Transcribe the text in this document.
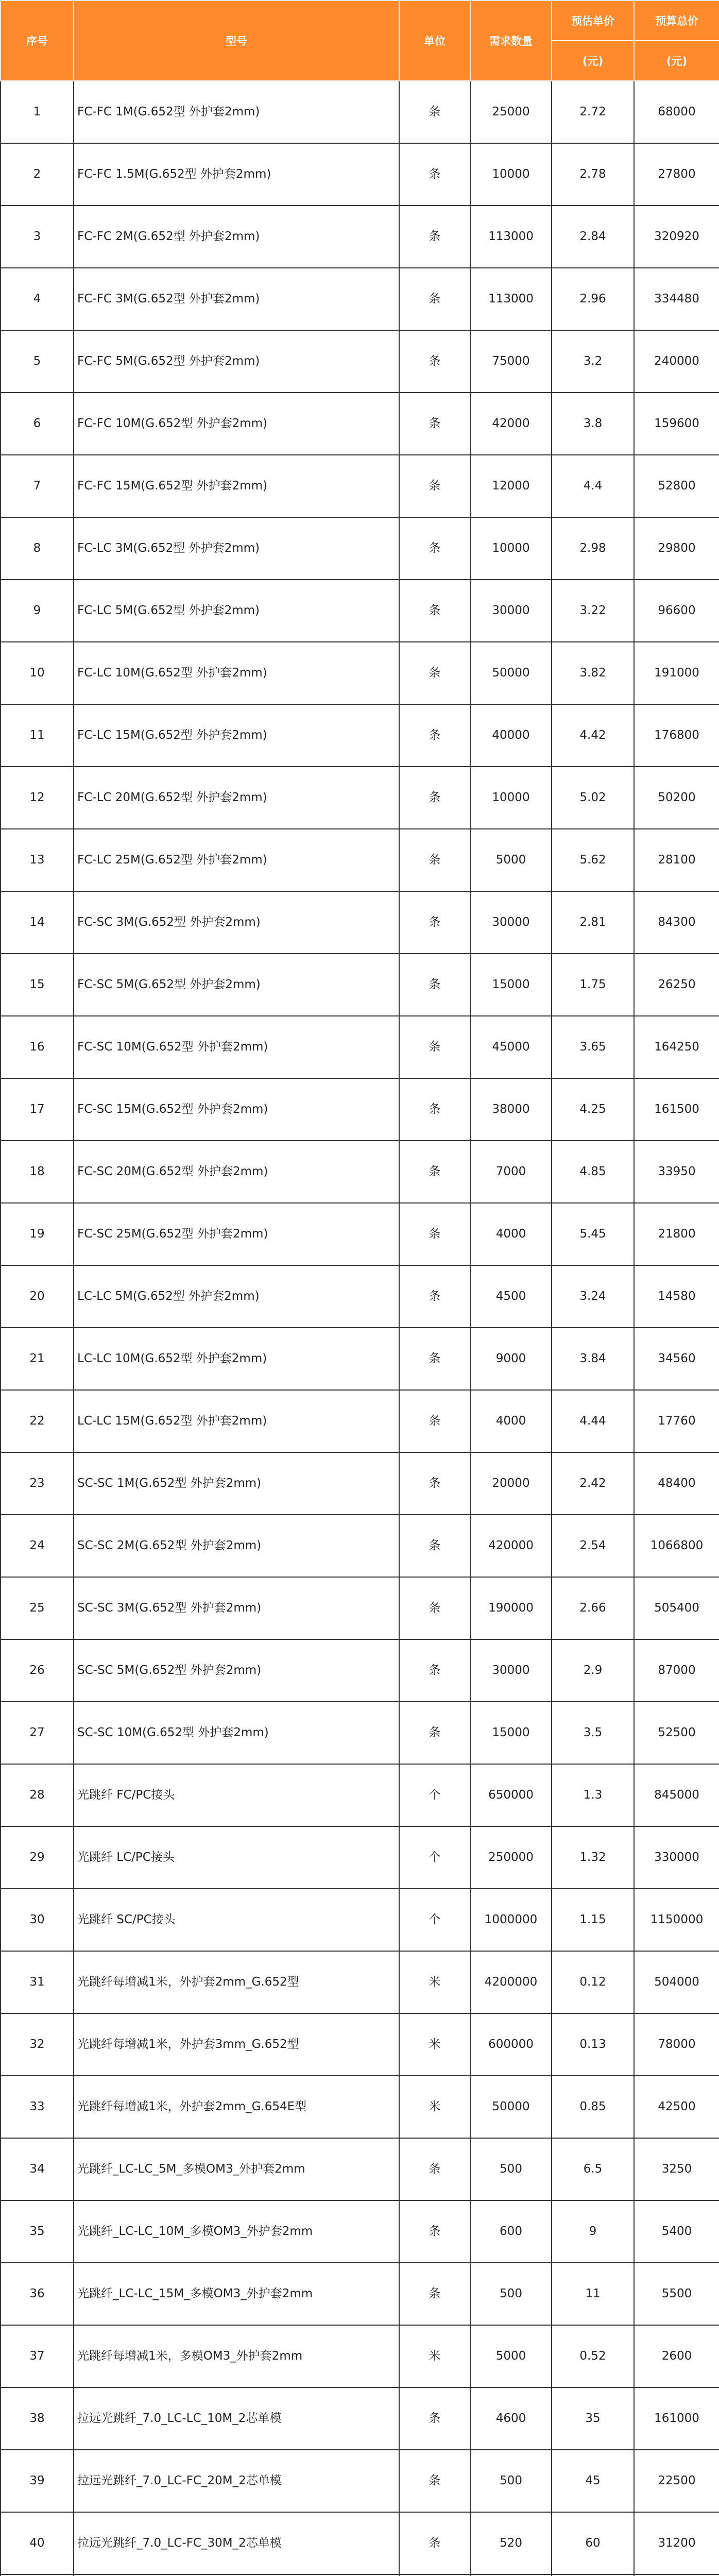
序号	型号	单位	需求数量	预估单价	预算总价
				(元)	(元)
1	FC-FC 1M(G.652型 外护套2mm)	条	25000	2.72	68000
2	FC-FC 1.5M(G.652型 外护套2mm)	条	10000	2.78	27800
3	FC-FC 2M(G.652型 外护套2mm)	条	113000	2.84	320920
4	FC-FC 3M(G.652型 外护套2mm)	条	113000	2.96	334480
5	FC-FC 5M(G.652型 外护套2mm)	条	75000	3.2	240000
6	FC-FC 10M(G.652型 外护套2mm)	条	42000	3.8	159600
7	FC-FC 15M(G.652型 外护套2mm)	条	12000	4.4	52800
8	FC-LC 3M(G.652型 外护套2mm)	条	10000	2.98	29800
9	FC-LC 5M(G.652型 外护套2mm)	条	30000	3.22	96600
10	FC-LC 10M(G.652型 外护套2mm)	条	50000	3.82	191000
11	FC-LC 15M(G.652型 外护套2mm)	条	40000	4.42	176800
12	FC-LC 20M(G.652型 外护套2mm)	条	10000	5.02	50200
13	FC-LC 25M(G.652型 外护套2mm)	条	5000	5.62	28100
14	FC-SC 3M(G.652型 外护套2mm)	条	30000	2.81	84300
15	FC-SC 5M(G.652型 外护套2mm)	条	15000	1.75	26250
16	FC-SC 10M(G.652型 外护套2mm)	条	45000	3.65	164250
17	FC-SC 15M(G.652型 外护套2mm)	条	38000	4.25	161500
18	FC-SC 20M(G.652型 外护套2mm)	条	7000	4.85	33950
19	FC-SC 25M(G.652型 外护套2mm)	条	4000	5.45	21800
20	LC-LC 5M(G.652型 外护套2mm)	条	4500	3.24	14580
21	LC-LC 10M(G.652型 外护套2mm)	条	9000	3.84	34560
22	LC-LC 15M(G.652型 外护套2mm)	条	4000	4.44	17760
23	SC-SC 1M(G.652型 外护套2mm)	条	20000	2.42	48400
24	SC-SC 2M(G.652型 外护套2mm)	条	420000	2.54	1066800
25	SC-SC 3M(G.652型 外护套2mm)	条	190000	2.66	505400
26	SC-SC 5M(G.652型 外护套2mm)	条	30000	2.9	87000
27	SC-SC 10M(G.652型 外护套2mm)	条	15000	3.5	52500
28	光跳纤 FC/PC接头	个	650000	1.3	845000
29	光跳纤 LC/PC接头	个	250000	1.32	330000
30	光跳纤 SC/PC接头	个	1000000	1.15	1150000
31	光跳纤每增减1米，外护套2mm_G.652型	米	4200000	0.12	504000
32	光跳纤每增减1米，外护套3mm_G.652型	米	600000	0.13	78000
33	光跳纤每增减1米，外护套2mm_G.654E型	米	50000	0.85	42500
34	光跳纤_LC-LC_5M_多模OM3_外护套2mm	条	500	6.5	3250
35	光跳纤_LC-LC_10M_多模OM3_外护套2mm	条	600	9	5400
36	光跳纤_LC-LC_15M_多模OM3_外护套2mm	条	500	11	5500
37	光跳纤每增减1米，多模OM3_外护套2mm	米	5000	0.52	2600
38	拉远光跳纤_7.0_LC-LC_10M_2芯单模	条	4600	35	161000
39	拉远光跳纤_7.0_LC-FC_20M_2芯单模	条	500	45	22500
40	拉远光跳纤_7.0_LC-FC_30M_2芯单模	条	520	60	31200
